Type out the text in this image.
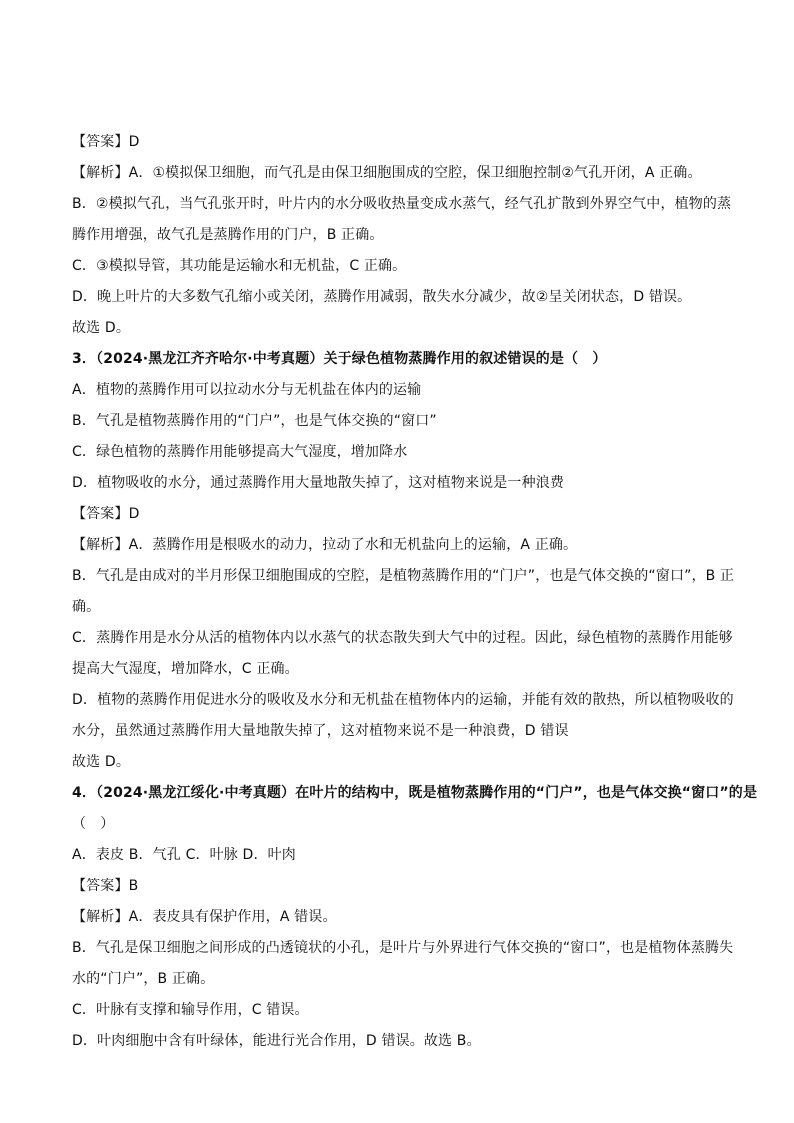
【答案】D
【解析】A．①模拟保卫细胞，而气孔是由保卫细胞围成的空腔，保卫细胞控制②气孔开闭，A 正确。
B．②模拟气孔，当气孔张开时，叶片内的水分吸收热量变成水蒸气，经气孔扩散到外界空气中，植物的蒸
腾作用增强，故气孔是蒸腾作用的门户，B 正确。
C．③模拟导管，其功能是运输水和无机盐，C 正确。
D．晚上叶片的大多数气孔缩小或关闭，蒸腾作用减弱，散失水分减少，故②呈关闭状态，D 错误。
故选 D。
3．（2024·黑龙江齐齐哈尔·中考真题）关于绿色植物蒸腾作用的叙述错误的是（　）
A．植物的蒸腾作用可以拉动水分与无机盐在体内的运输
B．气孔是植物蒸腾作用的“门户”，也是气体交换的“窗口”
C．绿色植物的蒸腾作用能够提高大气湿度，增加降水
D．植物吸收的水分，通过蒸腾作用大量地散失掉了，这对植物来说是一种浪费
【答案】D
【解析】A．蒸腾作用是根吸水的动力，拉动了水和无机盐向上的运输，A 正确。
B．气孔是由成对的半月形保卫细胞围成的空腔，是植物蒸腾作用的“门户”，也是气体交换的“窗口”，B 正
确。
C．蒸腾作用是水分从活的植物体内以水蒸气的状态散失到大气中的过程。因此，绿色植物的蒸腾作用能够
提高大气湿度，增加降水，C 正确。
D．植物的蒸腾作用促进水分的吸收及水分和无机盐在植物体内的运输，并能有效的散热，所以植物吸收的
水分，虽然通过蒸腾作用大量地散失掉了，这对植物来说不是一种浪费，D 错误
故选 D。
4．（2024·黑龙江绥化·中考真题）在叶片的结构中，既是植物蒸腾作用的“门户”，也是气体交换“窗口”的是
（　）
A．表皮 B．气孔 C．叶脉 D．叶肉
【答案】B
【解析】A．表皮具有保护作用，A 错误。
B．气孔是保卫细胞之间形成的凸透镜状的小孔，是叶片与外界进行气体交换的“窗口”，也是植物体蒸腾失
水的“门户”，B 正确。
C．叶脉有支撑和输导作用，C 错误。
D．叶肉细胞中含有叶绿体，能进行光合作用，D 错误。故选 B。
